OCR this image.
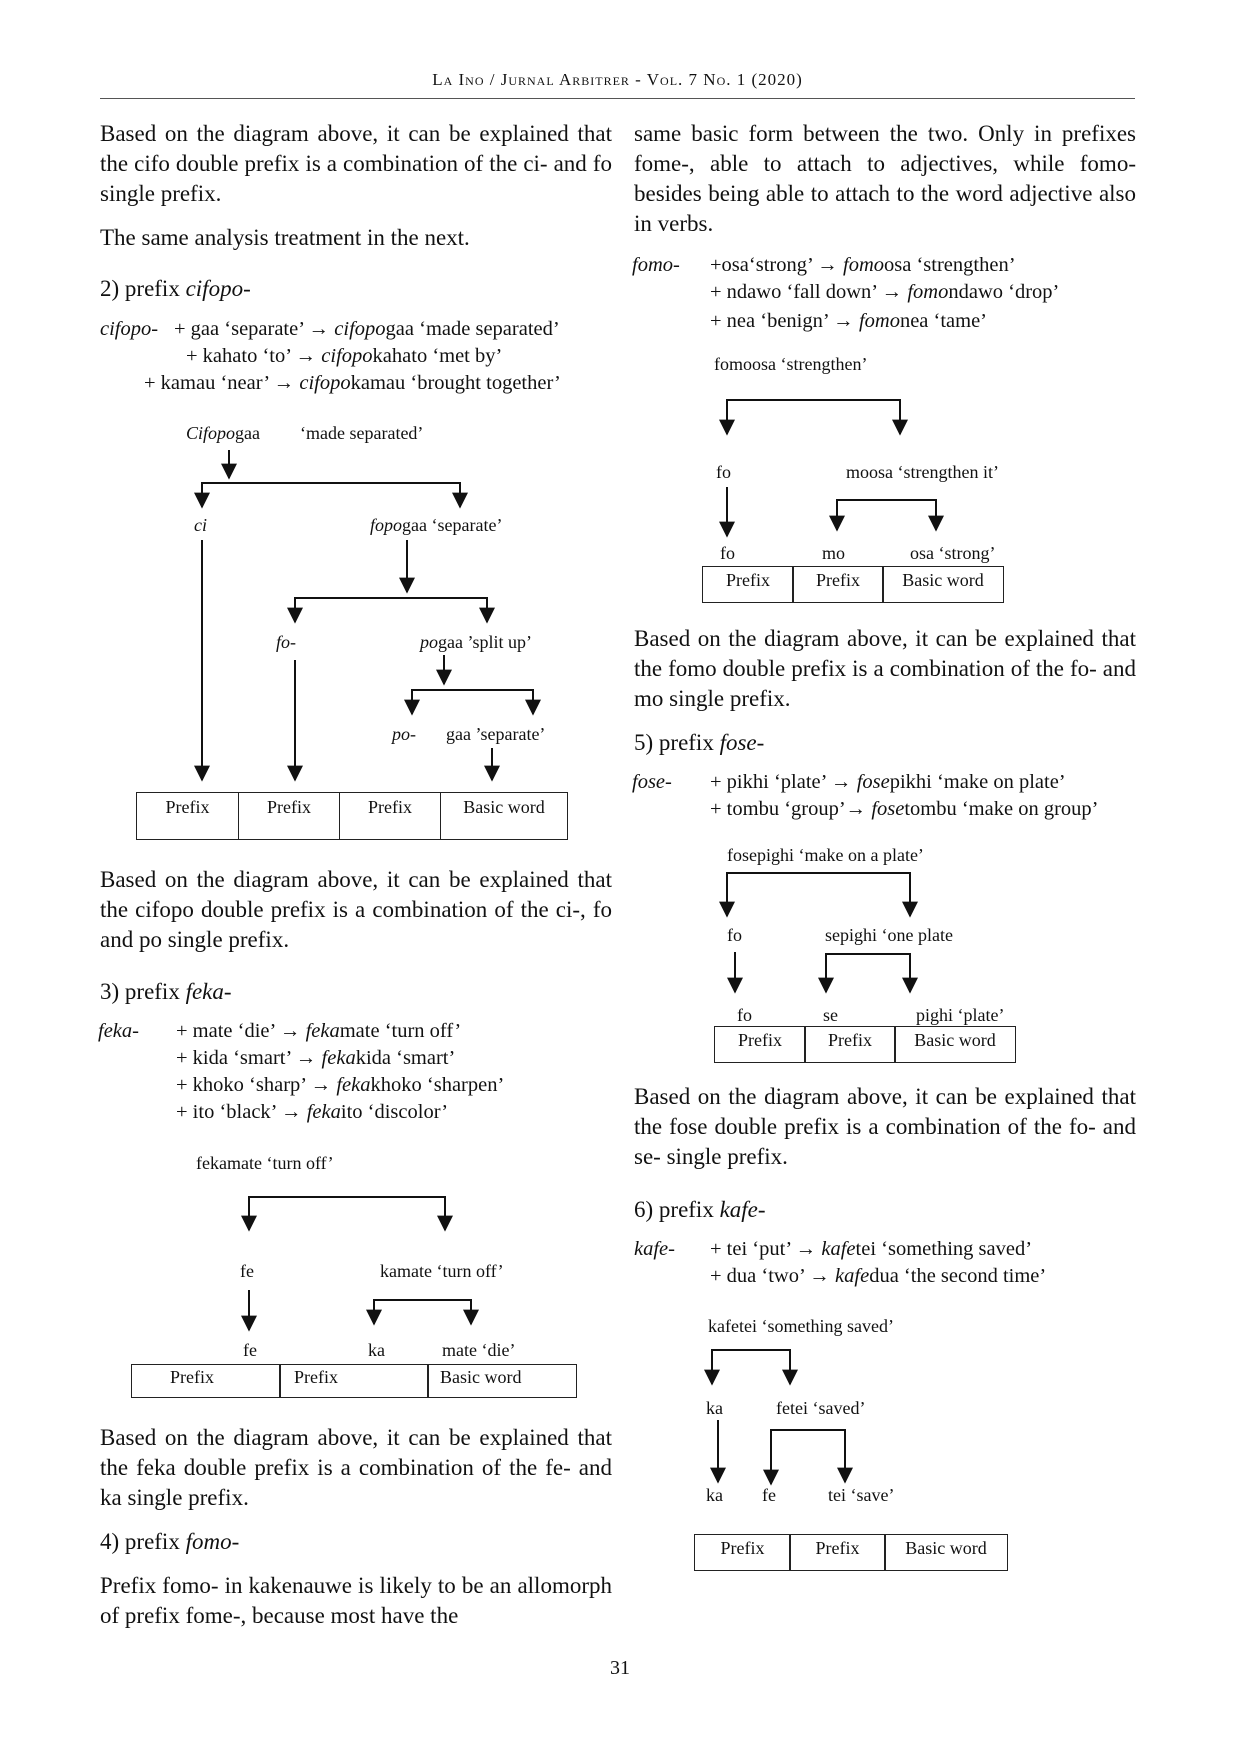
La Ino / Jurnal Arbitrer - Vol. 7 No. 1 (2020)

Based on the diagram above, it can be explained that the cifo double prefix is a combination of the ci- and fo single prefix.

The same analysis treatment in the next.

2) prefix cifopo-
cifopo- + gaa ‘separate’ → cifopogaa ‘made separated’
+ kahato ‘to’ → cifopokahato ‘met by’
+ kamau ‘near’ → cifopokamau ‘brought together’
Cifopogaa ‘made separated’
ci	fopogaa ‘separate’
fo-	pogaa ’split up’
po- gaa ’separate’
Prefix	Prefix	Prefix	Basic word

Based on the diagram above, it can be explained that the cifopo double prefix is a combination of the ci-, fo and po single prefix.

3) prefix feka-
feka- + mate ‘die’ → fekamate ‘turn off’
+ kida ‘smart’ → fekakida ‘smart’
+ khoko ‘sharp’ → fekakhoko ‘sharpen’
+ ito ‘black’ → fekaito ‘discolor’
fekamate ‘turn off’
fe	kamate ‘turn off’
fe	ka	mate ‘die’
Prefix	Prefix	Basic word

Based on the diagram above, it can be explained that the feka double prefix is a combination of the fe- and ka single prefix.

4) prefix fomo-

Prefix fomo- in kakenauwe is likely to be an allomorph of prefix fome-, because most have the

same basic form between the two. Only in prefixes fome-, able to attach to adjectives, while fomo- besides being able to attach to the word adjective also in verbs.

fomo- +osa‘strong’ → fomoosa ‘strengthen’
+ ndawo ‘fall down’ → fomondawo ‘drop’
+ nea ‘benign’ → fomonea ‘tame’
fomoosa ‘strengthen’
fo	moosa ‘strengthen it’
fo	mo	osa ‘strong’
Prefix	Prefix	Basic word

Based on the diagram above, it can be explained that the fomo double prefix is a combination of the fo- and mo single prefix.

5) prefix fose-
fose- + pikhi ‘plate’ → fosepikhi ‘make on plate’
+ tombu ‘group’→ fosetombu ‘make on group’
fosepighi ‘make on a plate’
fo	sepighi ‘one plate
fo	se	pighi ‘plate’
Prefix	Prefix	Basic word

Based on the diagram above, it can be explained that the fose double prefix is a combination of the fo- and se- single prefix.

6) prefix kafe-
kafe- + tei ‘put’ → kafetei ‘something saved’
+ dua ‘two’ → kafedua ‘the second time’
kafetei ‘something saved’
ka	fetei ‘saved’
ka fe	tei ‘save’
Prefix	Prefix	Basic word
31
